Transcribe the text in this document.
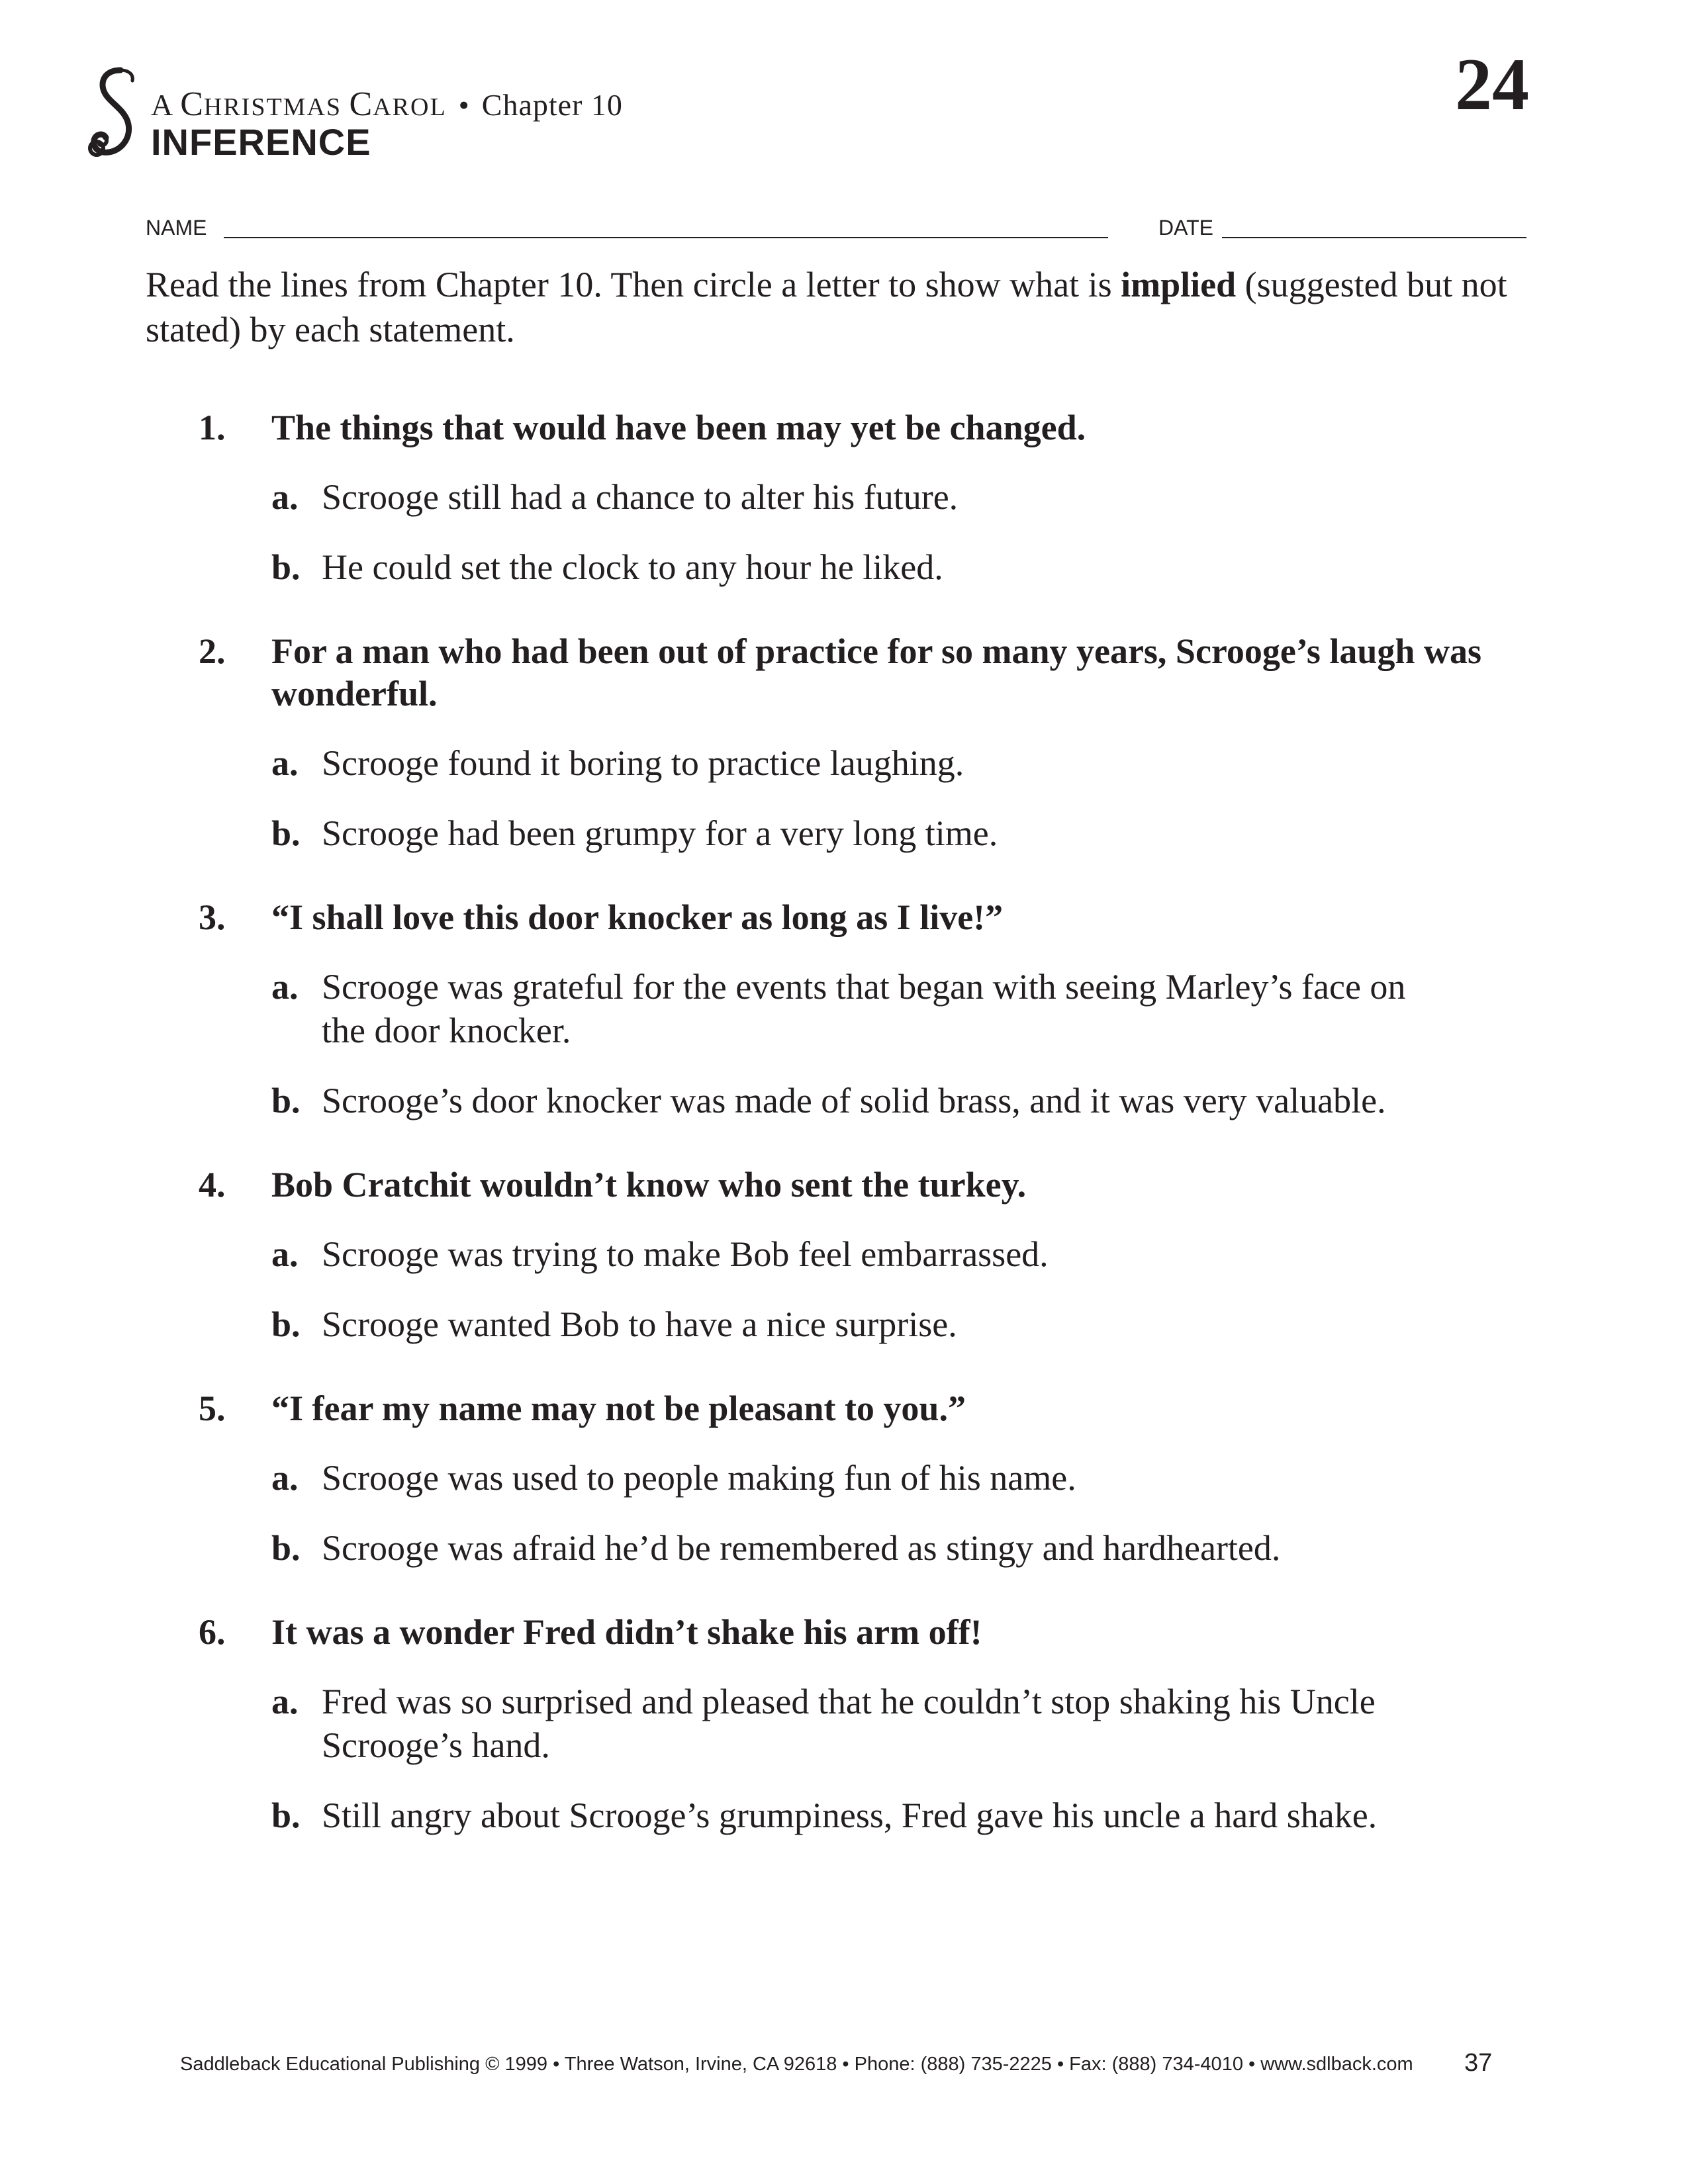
A CHRISTMAS CAROL • Chapter 10
INFERENCE
24
NAME	DATE
Read the lines from Chapter 10. Then circle a letter to show what is implied (suggested but not stated) by each statement.
1.	The things that would have been may yet be changed.
a. Scrooge still had a chance to alter his future.
b. He could set the clock to any hour he liked.
2.	For a man who had been out of practice for so many years, Scrooge’s laugh was wonderful.
a. Scrooge found it boring to practice laughing.
b. Scrooge had been grumpy for a very long time.
3.	“I shall love this door knocker as long as I live!”
a. Scrooge was grateful for the events that began with seeing Marley’s face on the door knocker.
b. Scrooge’s door knocker was made of solid brass, and it was very valuable.
4.	Bob Cratchit wouldn’t know who sent the turkey.
a. Scrooge was trying to make Bob feel embarrassed.
b. Scrooge wanted Bob to have a nice surprise.
5.	“I fear my name may not be pleasant to you.”
a. Scrooge was used to people making fun of his name.
b. Scrooge was afraid he’d be remembered as stingy and hardhearted.
6.	It was a wonder Fred didn’t shake his arm off!
a. Fred was so surprised and pleased that he couldn’t stop shaking his Uncle Scrooge’s hand.
b. Still angry about Scrooge’s grumpiness, Fred gave his uncle a hard shake.
Saddleback Educational Publishing © 1999 • Three Watson, Irvine, CA 92618 • Phone: (888) 735-2225 • Fax: (888) 734-4010 • www.sdlback.com 37
